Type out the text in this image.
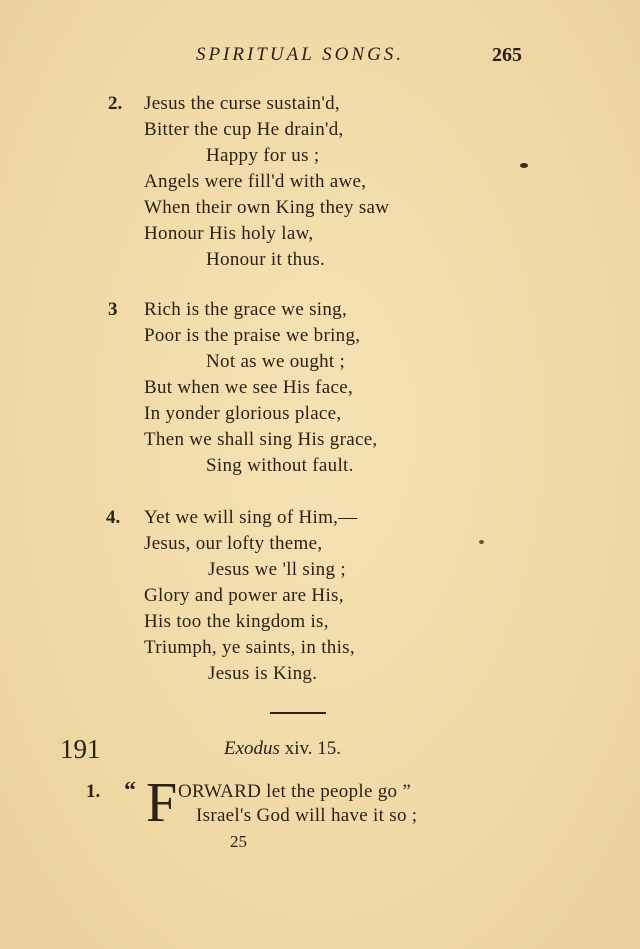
SPIRITUAL SONGS.	265
2. Jesus the curse sustain'd,
Bitter the cup He drain'd,
Happy for us ;
Angels were fill'd with awe,
When their own King they saw
Honour His holy law,
Honour it thus.
3 Rich is the grace we sing,
Poor is the praise we bring,
Not as we ought ;
But when we see His face,
In yonder glorious place,
Then we shall sing His grace,
Sing without fault.
4. Yet we will sing of Him,—
Jesus, our lofty theme,
Jesus we 'll sing ;
Glory and power are His,
His too the kingdom is,
Triumph, ye saints, in this,
Jesus is King.
191	Exodus xiv. 15.
1. “ F ORWARD let the people go ”
Israel's God will have it so ;
25
